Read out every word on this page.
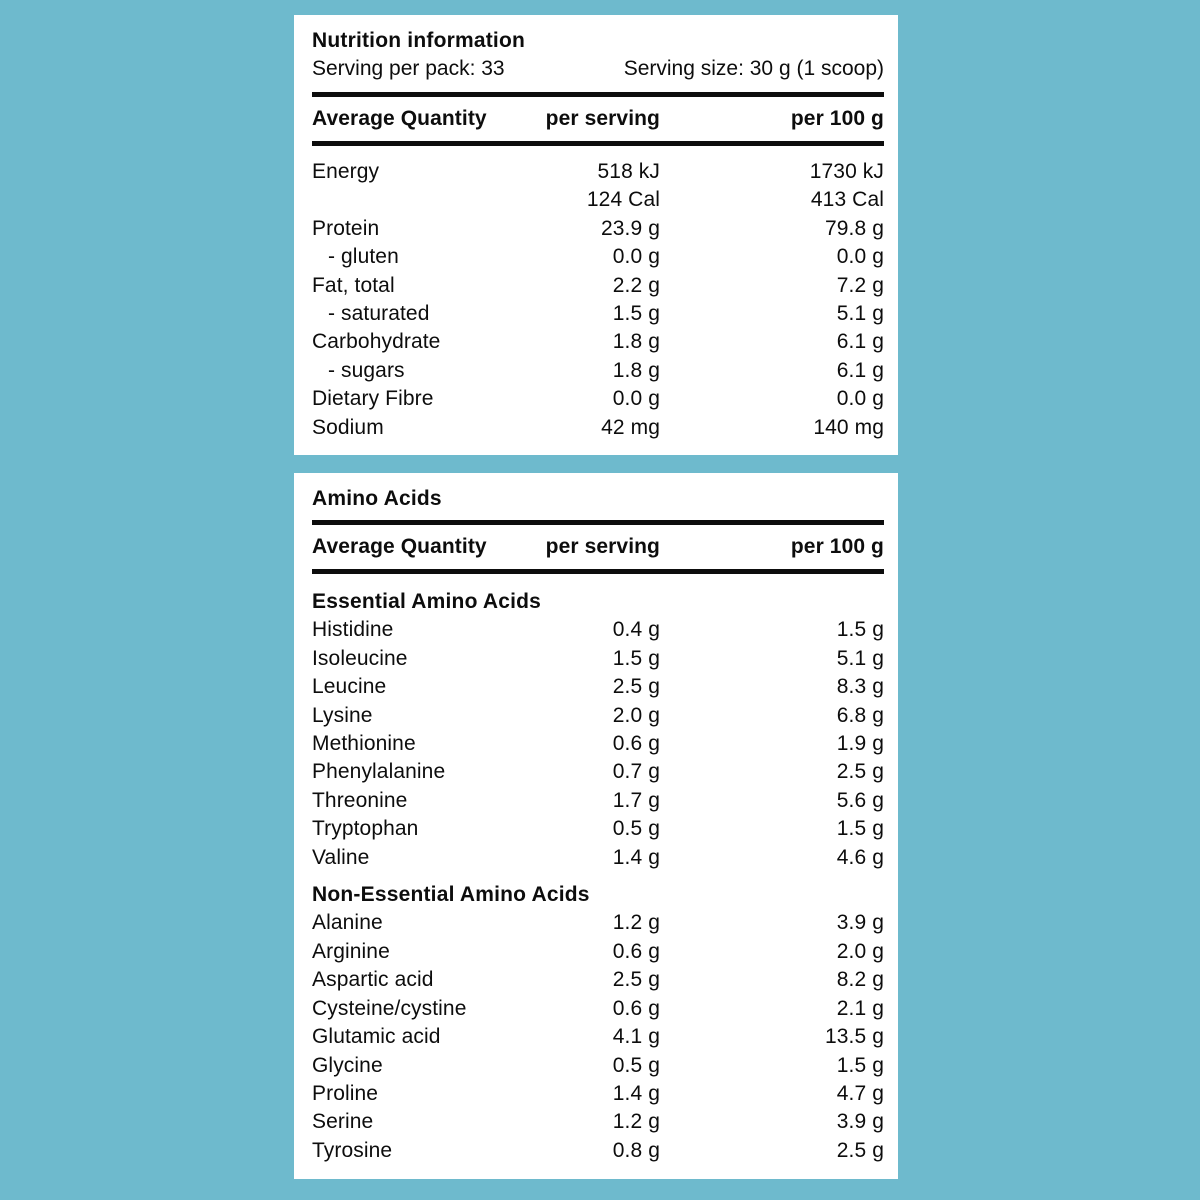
Nutrition information
Serving per pack: 33	Serving size: 30 g (1 scoop)
Average Quantity	per serving	per 100 g
Energy	518 kJ	1730 kJ
124 Cal	413 Cal
Protein	23.9 g	79.8 g
- gluten	0.0 g	0.0 g
Fat, total	2.2 g	7.2 g
- saturated	1.5 g	5.1 g
Carbohydrate	1.8 g	6.1 g
- sugars	1.8 g	6.1 g
Dietary Fibre	0.0 g	0.0 g
Sodium	42 mg	140 mg
Amino Acids
Average Quantity	per serving	per 100 g
Essential Amino Acids
Histidine	0.4 g	1.5 g
Isoleucine	1.5 g	5.1 g
Leucine	2.5 g	8.3 g
Lysine	2.0 g	6.8 g
Methionine	0.6 g	1.9 g
Phenylalanine	0.7 g	2.5 g
Threonine	1.7 g	5.6 g
Tryptophan	0.5 g	1.5 g
Valine	1.4 g	4.6 g
Non-Essential Amino Acids
Alanine	1.2 g	3.9 g
Arginine	0.6 g	2.0 g
Aspartic acid	2.5 g	8.2 g
Cysteine/cystine	0.6 g	2.1 g
Glutamic acid	4.1 g	13.5 g
Glycine	0.5 g	1.5 g
Proline	1.4 g	4.7 g
Serine	1.2 g	3.9 g
Tyrosine	0.8 g	2.5 g
